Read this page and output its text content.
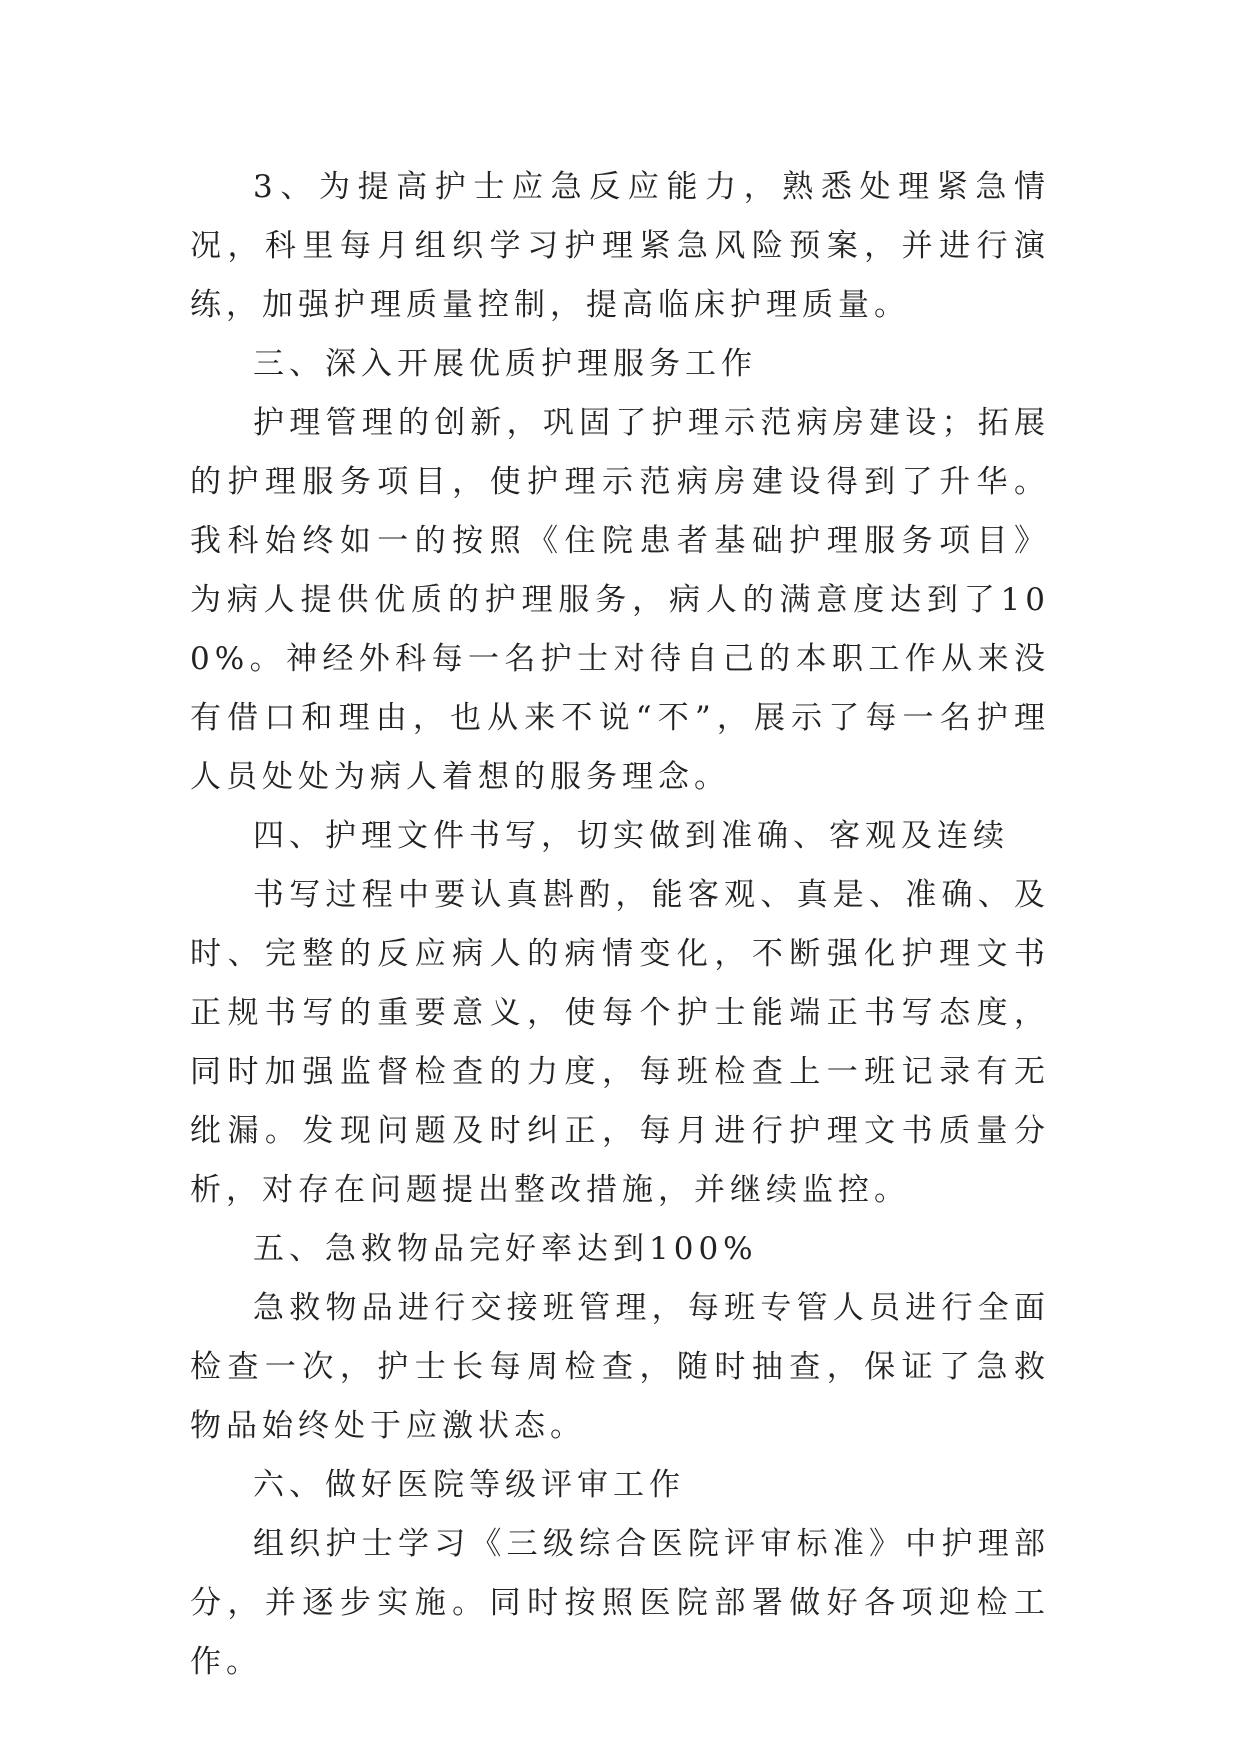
3、为提高护士应急反应能力，熟悉处理紧急情况，科里每月组织学习护理紧急风险预案，并进行演练，加强护理质量控制，提高临床护理质量。

三、深入开展优质护理服务工作

护理管理的创新，巩固了护理示范病房建设；拓展的护理服务项目，使护理示范病房建设得到了升华。我科始终如一的按照《住院患者基础护理服务项目》为病人提供优质的护理服务，病人的满意度达到了100%。神经外科每一名护士对待自己的本职工作从来没有借口和理由，也从来不说“不”，展示了每一名护理人员处处为病人着想的服务理念。

四、护理文件书写，切实做到准确、客观及连续

书写过程中要认真斟酌，能客观、真是、准确、及时、完整的反应病人的病情变化，不断强化护理文书正规书写的重要意义，使每个护士能端正书写态度，同时加强监督检查的力度，每班检查上一班记录有无纰漏。发现问题及时纠正，每月进行护理文书质量分析，对存在问题提出整改措施，并继续监控。

五、急救物品完好率达到100%

急救物品进行交接班管理，每班专管人员进行全面检查一次，护士长每周检查，随时抽查，保证了急救物品始终处于应激状态。

六、做好医院等级评审工作

组织护士学习《三级综合医院评审标准》中护理部分，并逐步实施。同时按照医院部署做好各项迎检工作。
